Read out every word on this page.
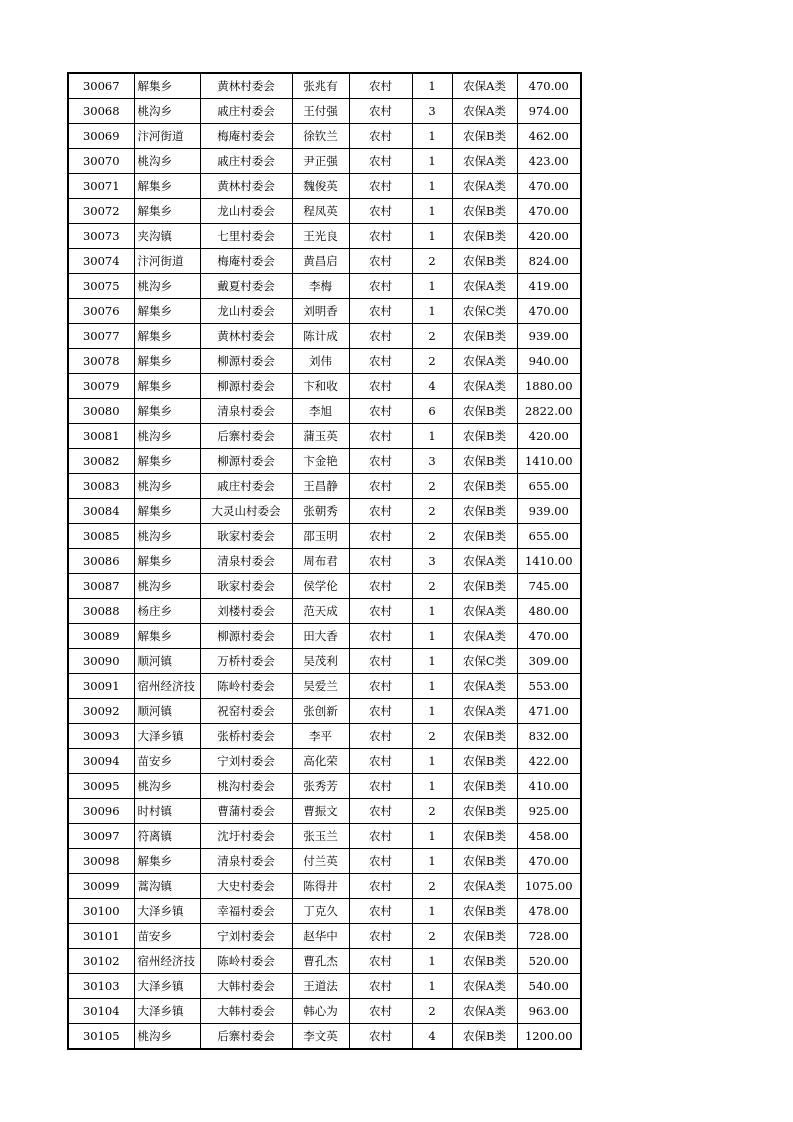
30067	解集乡	黄林村委会	张兆有	农村	1	农保A类	470.00
30068	桃沟乡	戚庄村委会	王付强	农村	3	农保A类	974.00
30069	汴河街道	梅庵村委会	徐钦兰	农村	1	农保B类	462.00
30070	桃沟乡	戚庄村委会	尹正强	农村	1	农保A类	423.00
30071	解集乡	黄林村委会	魏俊英	农村	1	农保A类	470.00
30072	解集乡	龙山村委会	程凤英	农村	1	农保B类	470.00
30073	夹沟镇	七里村委会	王光良	农村	1	农保B类	420.00
30074	汴河街道	梅庵村委会	黄昌启	农村	2	农保B类	824.00
30075	桃沟乡	戴夏村委会	李梅	农村	1	农保A类	419.00
30076	解集乡	龙山村委会	刘明香	农村	1	农保C类	470.00
30077	解集乡	黄林村委会	陈计成	农村	2	农保B类	939.00
30078	解集乡	柳源村委会	刘伟	农村	2	农保A类	940.00
30079	解集乡	柳源村委会	卞和收	农村	4	农保A类	1880.00
30080	解集乡	清泉村委会	李旭	农村	6	农保B类	2822.00
30081	桃沟乡	后寨村委会	蒲玉英	农村	1	农保B类	420.00
30082	解集乡	柳源村委会	卞金艳	农村	3	农保B类	1410.00
30083	桃沟乡	戚庄村委会	王昌静	农村	2	农保B类	655.00
30084	解集乡	大灵山村委会	张朝秀	农村	2	农保B类	939.00
30085	桃沟乡	耿家村委会	邵玉明	农村	2	农保B类	655.00
30086	解集乡	清泉村委会	周布君	农村	3	农保A类	1410.00
30087	桃沟乡	耿家村委会	侯学伦	农村	2	农保B类	745.00
30088	杨庄乡	刘楼村委会	范天成	农村	1	农保A类	480.00
30089	解集乡	柳源村委会	田大香	农村	1	农保A类	470.00
30090	顺河镇	万桥村委会	吴茂利	农村	1	农保C类	309.00
30091	宿州经济技	陈岭村委会	吴爱兰	农村	1	农保A类	553.00
30092	顺河镇	祝窑村委会	张创新	农村	1	农保A类	471.00
30093	大泽乡镇	张桥村委会	李平	农村	2	农保B类	832.00
30094	苗安乡	宁刘村委会	高化荣	农村	1	农保B类	422.00
30095	桃沟乡	桃沟村委会	张秀芳	农村	1	农保B类	410.00
30096	时村镇	曹蒲村委会	曹振文	农村	2	农保B类	925.00
30097	符离镇	沈圩村委会	张玉兰	农村	1	农保B类	458.00
30098	解集乡	清泉村委会	付兰英	农村	1	农保B类	470.00
30099	蒿沟镇	大史村委会	陈得井	农村	2	农保A类	1075.00
30100	大泽乡镇	幸福村委会	丁克久	农村	1	农保B类	478.00
30101	苗安乡	宁刘村委会	赵华中	农村	2	农保B类	728.00
30102	宿州经济技	陈岭村委会	曹孔杰	农村	1	农保B类	520.00
30103	大泽乡镇	大韩村委会	王道法	农村	1	农保A类	540.00
30104	大泽乡镇	大韩村委会	韩心为	农村	2	农保A类	963.00
30105	桃沟乡	后寨村委会	李文英	农村	4	农保B类	1200.00
